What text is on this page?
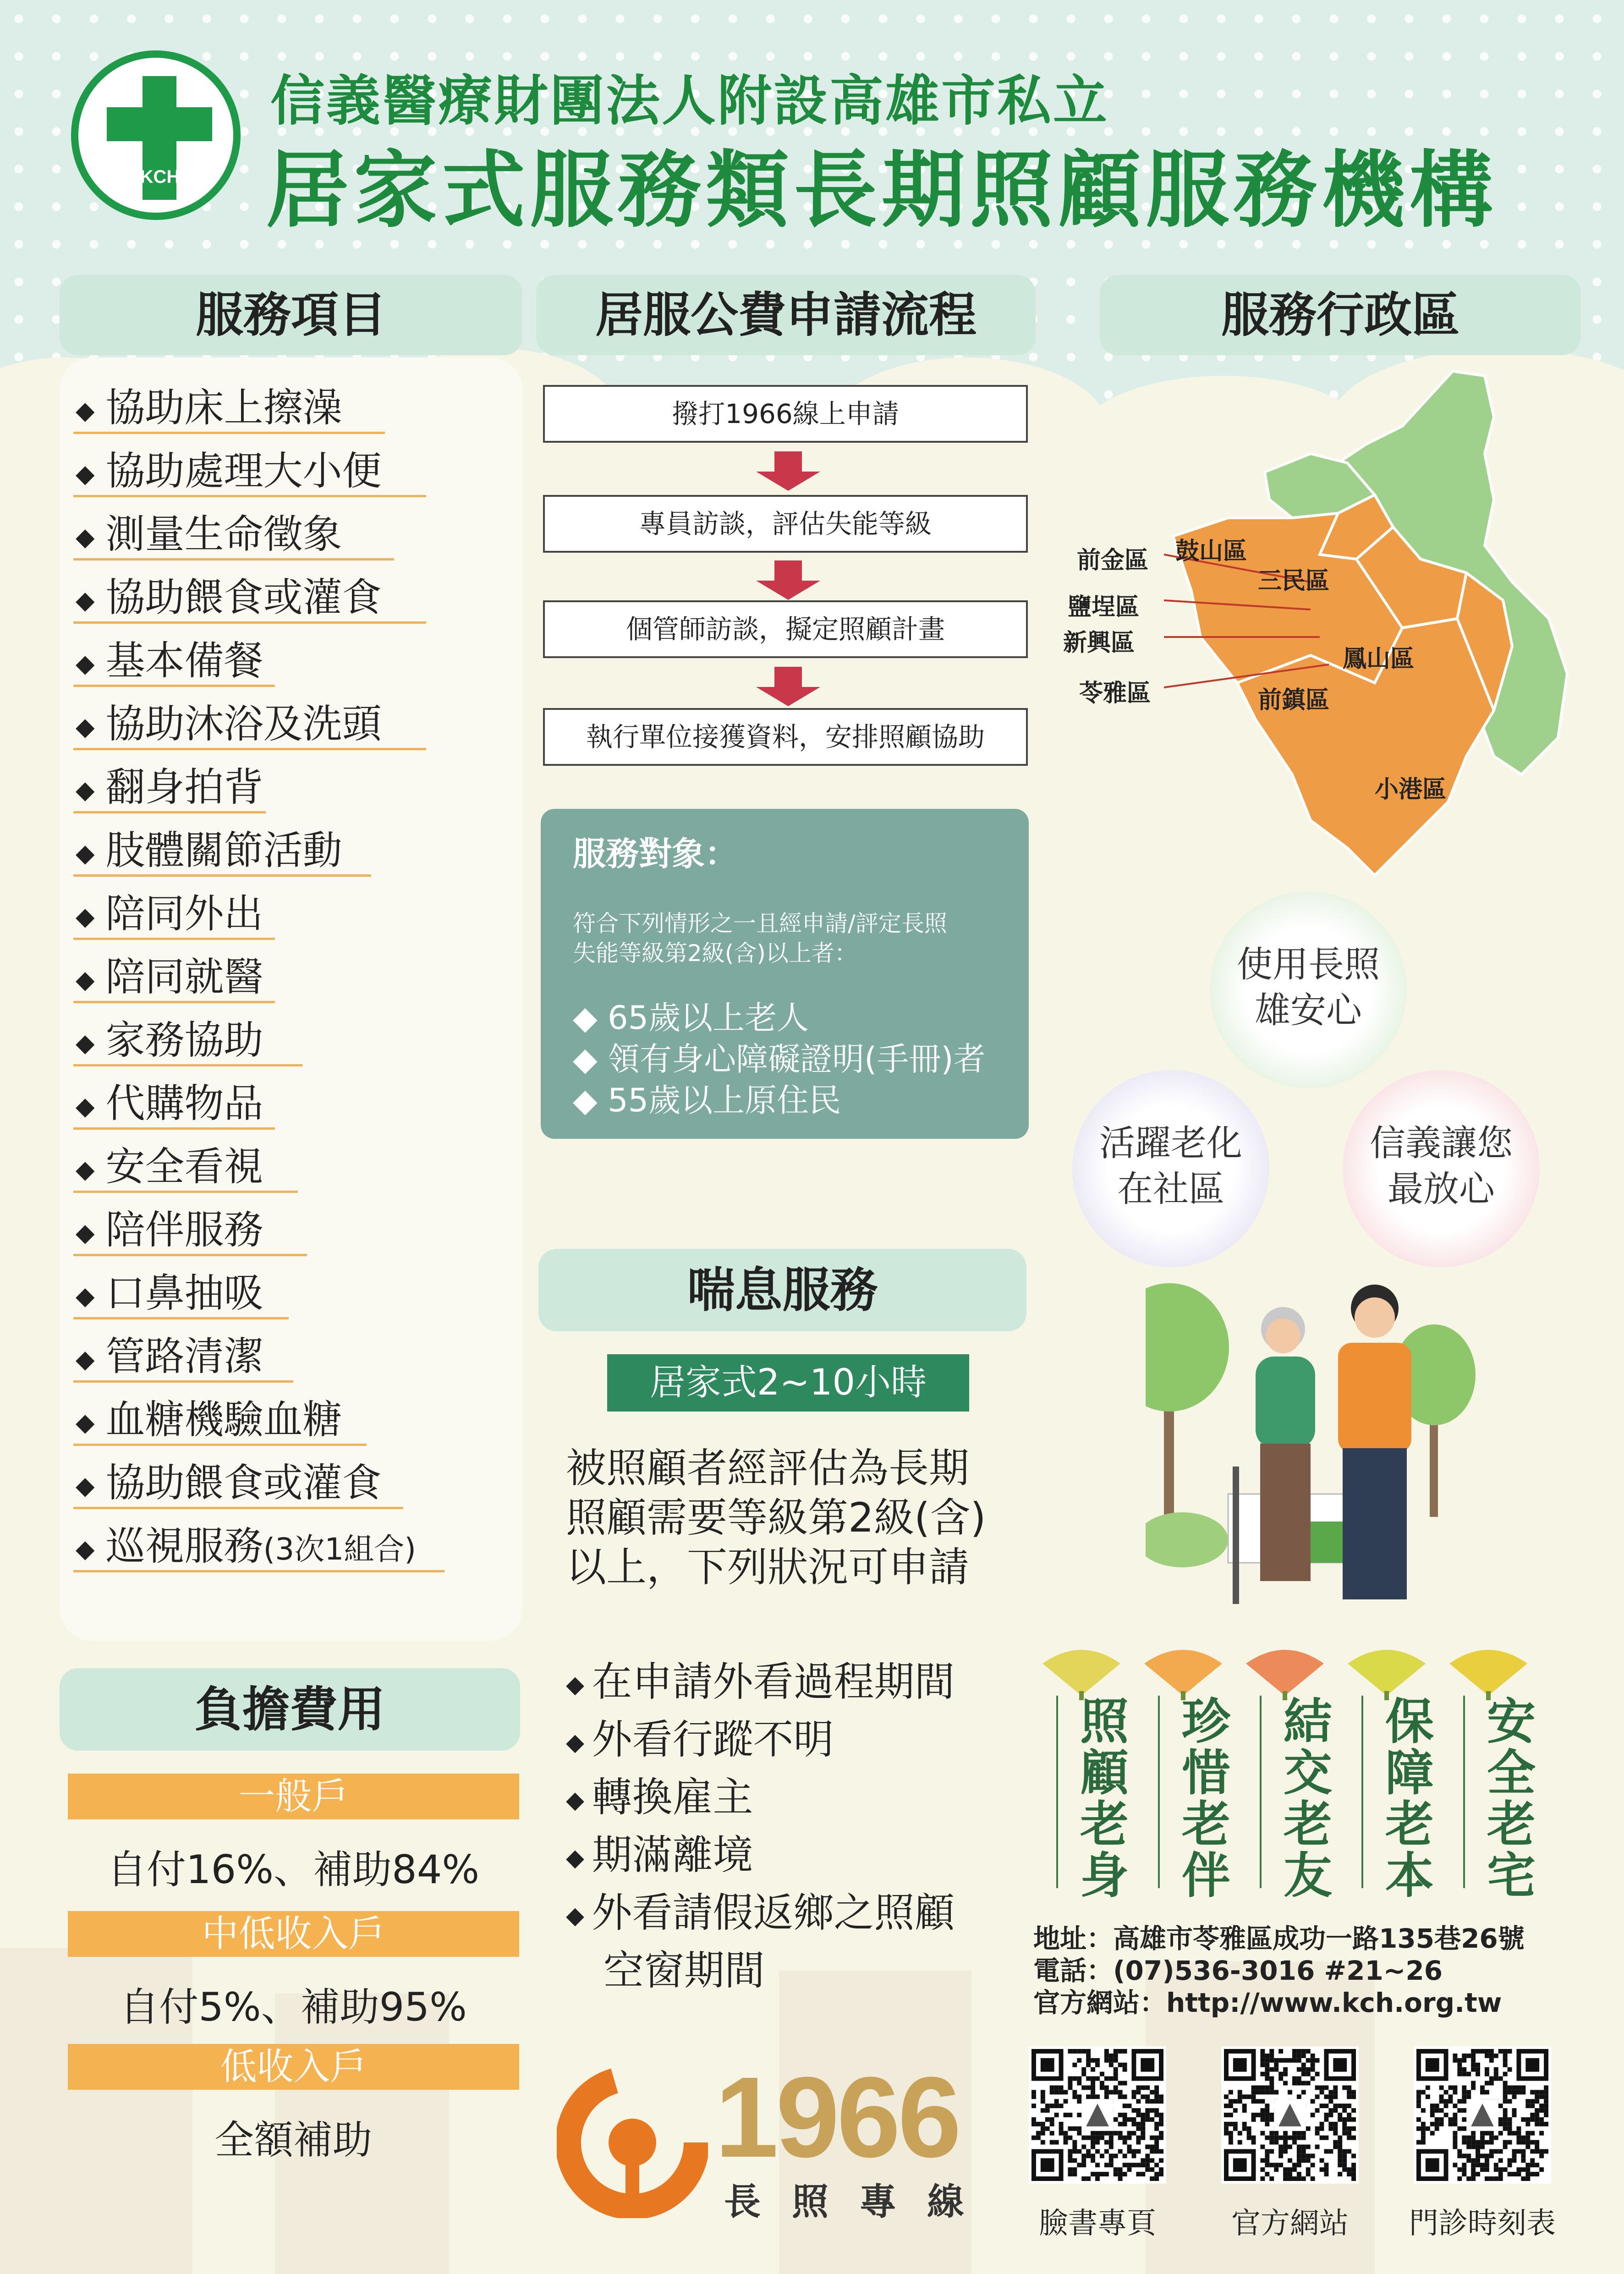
KCH
信義醫療財團法人附設高雄市私立
居家式服務類長期照顧服務機構
服務項目	居服公費申請流程	服務行政區
◆ 協助床上擦澡
◆ 協助處理大小便
◆ 測量生命徵象
◆ 協助餵食或灌食
◆ 基本備餐
◆ 協助沐浴及洗頭
◆ 翻身拍背
◆ 肢體關節活動
◆ 陪同外出
◆ 陪同就醫
◆ 家務協助
◆ 代購物品
◆ 安全看視
◆ 陪伴服務
◆ 口鼻抽吸
◆ 管路清潔
◆ 血糖機驗血糖
◆ 協助餵食或灌食
◆ 巡視服務(3次1組合)
撥打1966線上申請
專員訪談，評估失能等級
個管師訪談，擬定照顧計畫
執行單位接獲資料，安排照顧協助
服務對象：
符合下列情形之一且經申請/評定長照
失能等級第2級(含)以上者：
◆ 65歲以上老人
◆ 領有身心障礙證明(手冊)者
◆ 55歲以上原住民
前金區 鼓山區
三民區
鹽埕區
新興區
鳳山區
苓雅區	前鎮區
小港區
使用長照
雄安心
活躍老化
在社區
信義讓您
最放心
喘息服務
居家式2~10小時
被照顧者經評估為長期
照顧需要等級第2級(含)
以上，下列狀況可申請
◆ 在申請外看過程期間
◆ 外看行蹤不明
◆ 轉換雇主
◆ 期滿離境
◆ 外看請假返鄉之照顧
空窗期間
負擔費用
一般戶
自付16%、補助84%
中低收入戶
自付5%、補助95%
低收入戶
全額補助	1966
長 照 專 線
照顧老身 珍惜老伴 結交老友 保障老本 安全老宅
地址：高雄市苓雅區成功一路135巷26號
電話：(07)536-3016 #21~26
官方網站：http://www.kch.org.tw
臉書專頁	官方網站	門診時刻表
